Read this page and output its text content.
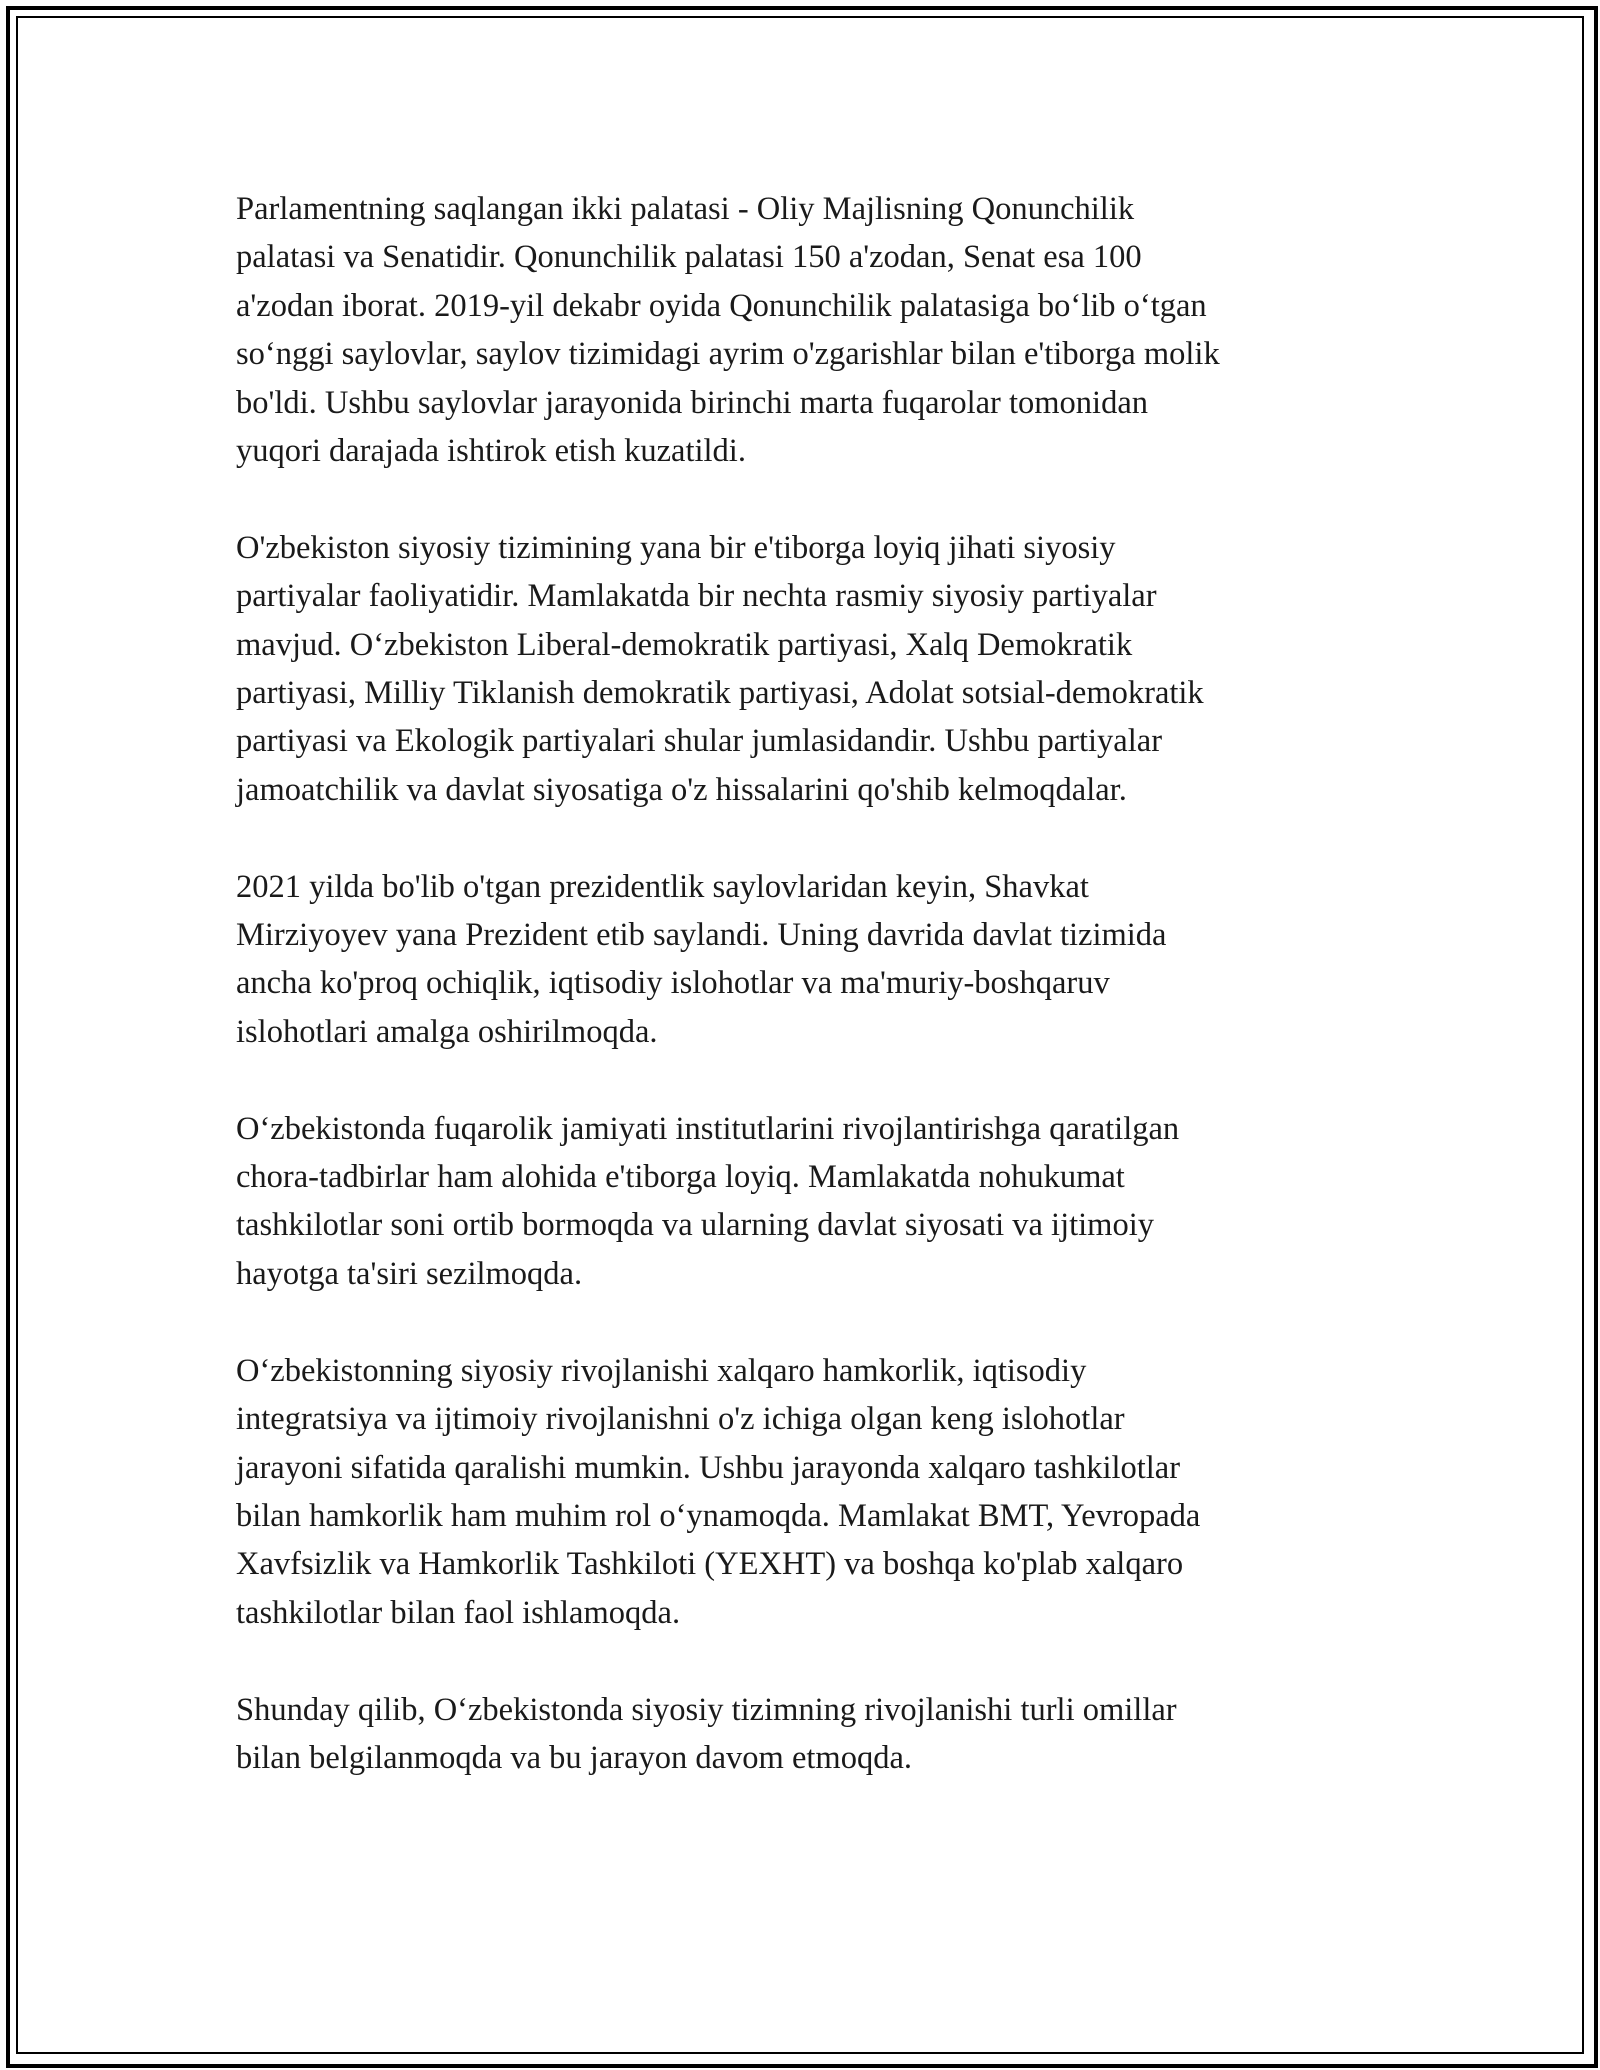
Parlamentning saqlangan ikki palatasi - Oliy Majlisning Qonunchilik
palatasi va Senatidir. Qonunchilik palatasi 150 a'zodan, Senat esa 100
a'zodan iborat. 2019-yil dekabr oyida Qonunchilik palatasiga bo‘lib o‘tgan
so‘nggi saylovlar, saylov tizimidagi ayrim o'zgarishlar bilan e'tiborga molik
bo'ldi. Ushbu saylovlar jarayonida birinchi marta fuqarolar tomonidan
yuqori darajada ishtirok etish kuzatildi.

O'zbekiston siyosiy tizimining yana bir e'tiborga loyiq jihati siyosiy
partiyalar faoliyatidir. Mamlakatda bir nechta rasmiy siyosiy partiyalar
mavjud. O‘zbekiston Liberal-demokratik partiyasi, Xalq Demokratik
partiyasi, Milliy Tiklanish demokratik partiyasi, Adolat sotsial-demokratik
partiyasi va Ekologik partiyalari shular jumlasidandir. Ushbu partiyalar
jamoatchilik va davlat siyosatiga o'z hissalarini qo'shib kelmoqdalar.

2021 yilda bo'lib o'tgan prezidentlik saylovlaridan keyin, Shavkat
Mirziyoyev yana Prezident etib saylandi. Uning davrida davlat tizimida
ancha ko'proq ochiqlik, iqtisodiy islohotlar va ma'muriy-boshqaruv
islohotlari amalga oshirilmoqda.

O‘zbekistonda fuqarolik jamiyati institutlarini rivojlantirishga qaratilgan
chora-tadbirlar ham alohida e'tiborga loyiq. Mamlakatda nohukumat
tashkilotlar soni ortib bormoqda va ularning davlat siyosati va ijtimoiy
hayotga ta'siri sezilmoqda.

O‘zbekistonning siyosiy rivojlanishi xalqaro hamkorlik, iqtisodiy
integratsiya va ijtimoiy rivojlanishni o'z ichiga olgan keng islohotlar
jarayoni sifatida qaralishi mumkin. Ushbu jarayonda xalqaro tashkilotlar
bilan hamkorlik ham muhim rol o‘ynamoqda. Mamlakat BMT, Yevropada
Xavfsizlik va Hamkorlik Tashkiloti (YEXHT) va boshqa ko'plab xalqaro
tashkilotlar bilan faol ishlamoqda.

Shunday qilib, O‘zbekistonda siyosiy tizimning rivojlanishi turli omillar
bilan belgilanmoqda va bu jarayon davom etmoqda.
